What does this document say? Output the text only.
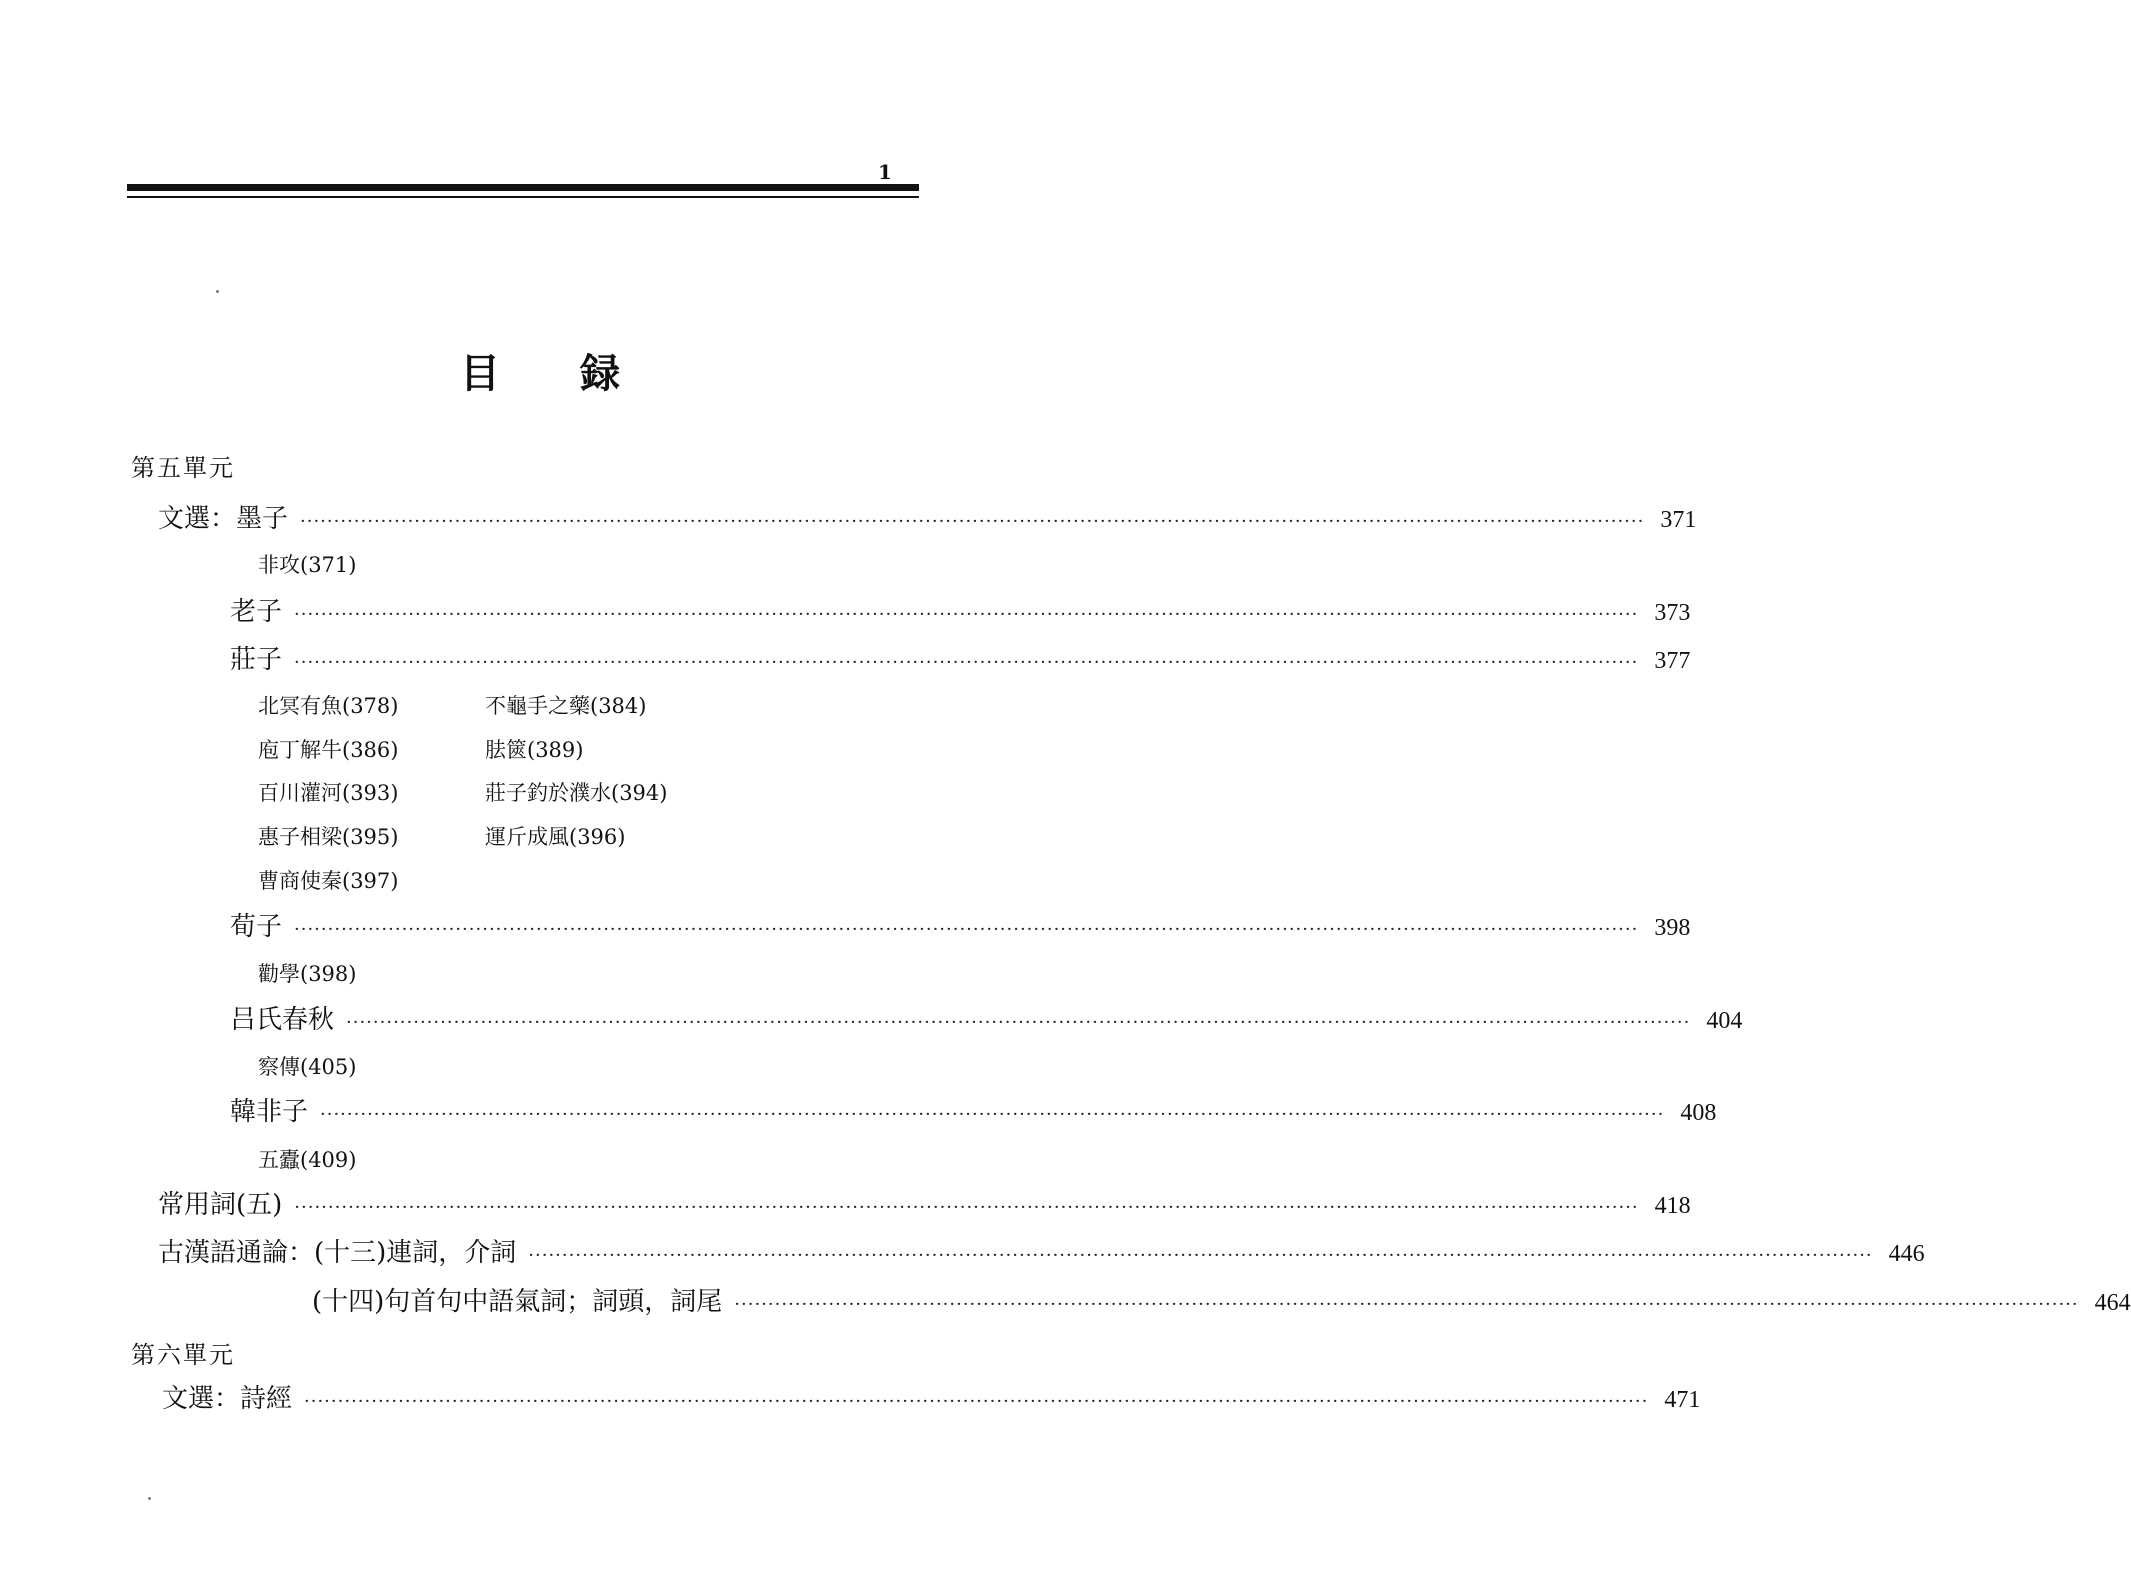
1
目 録
第五單元
文選：墨子 ········································································································································································································ 371
非攻(371)
老子 ········································································································································································································ 373
莊子 ········································································································································································································ 377
北冥有魚(378)	不龜手之藥(384)
庖丁解牛(386)	胠篋(389)
百川灌河(393)	莊子釣於濮水(394)
惠子相梁(395)	運斤成風(396)
曹商使秦(397)
荀子 ········································································································································································································ 398
勸學(398)
吕氏春秋 ········································································································································································································ 404
察傳(405)
韓非子 ········································································································································································································ 408
五蠹(409)
常用詞(五) ········································································································································································································ 418
古漢語通論：(十三)連詞，介詞 ········································································································································································································ 446
(十四)句首句中語氣詞；詞頭，詞尾 ········································································································································································································ 464
第六單元
文選：詩經 ········································································································································································································ 471
